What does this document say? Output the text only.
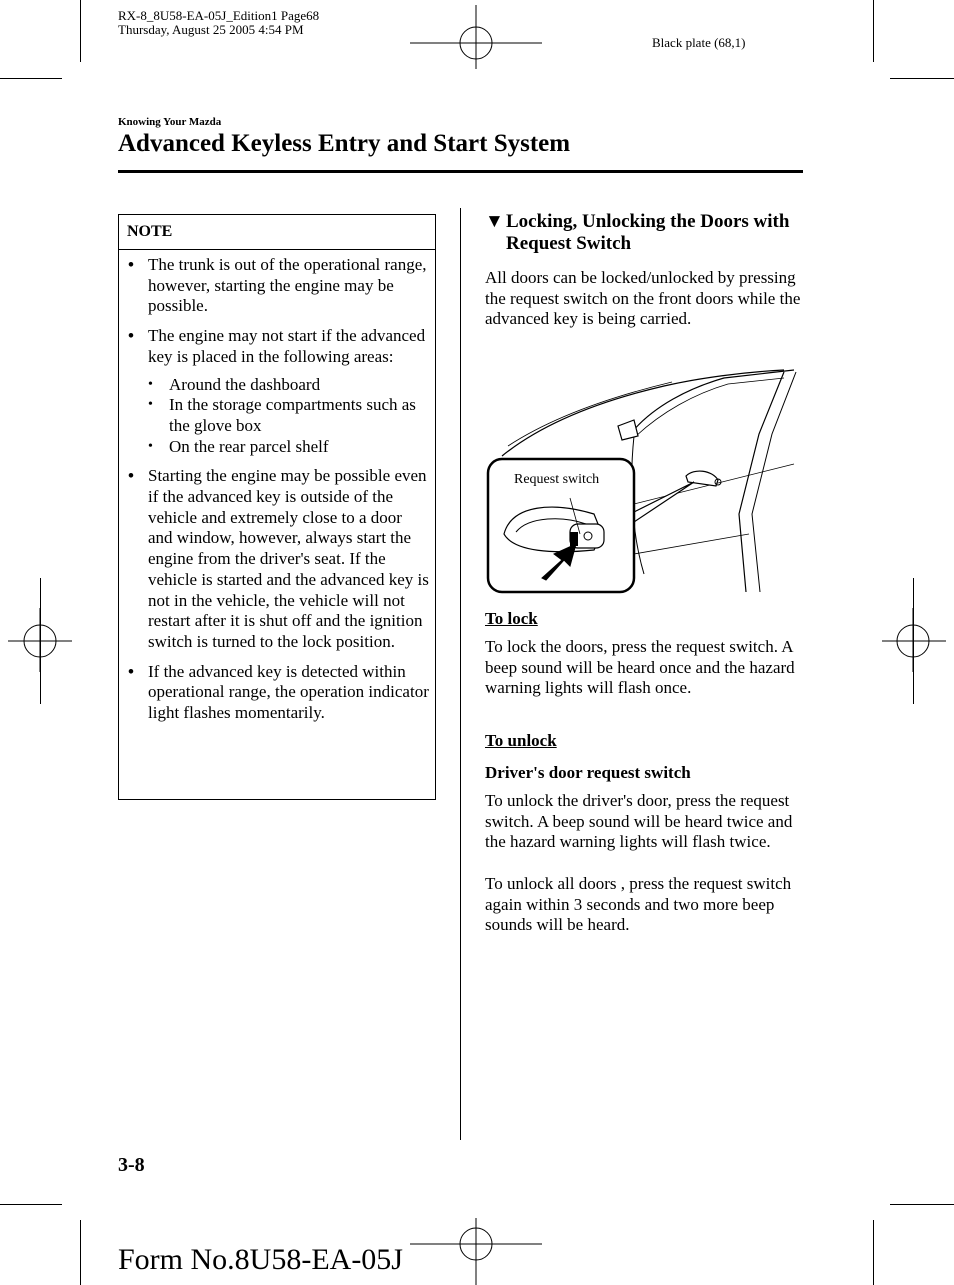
RX-8_8U58-EA-05J_Edition1 Page68
Thursday, August 25 2005 4:54 PM
Black plate (68,1)
Knowing Your Mazda
Advanced Keyless Entry and Start System
NOTE
• The trunk is out of the operational range, however, starting the engine may be possible.
• The engine may not start if the advanced key is placed in the following areas:
• Around the dashboard
• In the storage compartments such as the glove box
• On the rear parcel shelf
• Starting the engine may be possible even if the advanced key is outside of the vehicle and extremely close to a door and window, however, always start the engine from the driver's seat. If the vehicle is started and the advanced key is not in the vehicle, the vehicle will not restart after it is shut off and the ignition switch is turned to the lock position.
• If the advanced key is detected within operational range, the operation indicator light flashes momentarily.
▼ Locking, Unlocking the Doors with Request Switch
All doors can be locked/unlocked by pressing the request switch on the front doors while the advanced key is being carried.
Request switch
To lock
To lock the doors, press the request switch. A beep sound will be heard once and the hazard warning lights will flash once.
To unlock
Driver's door request switch
To unlock the driver's door, press the request switch. A beep sound will be heard twice and the hazard warning lights will flash twice.
To unlock all doors , press the request switch again within 3 seconds and two more beep sounds will be heard.
3-8
Form No.8U58-EA-05J
